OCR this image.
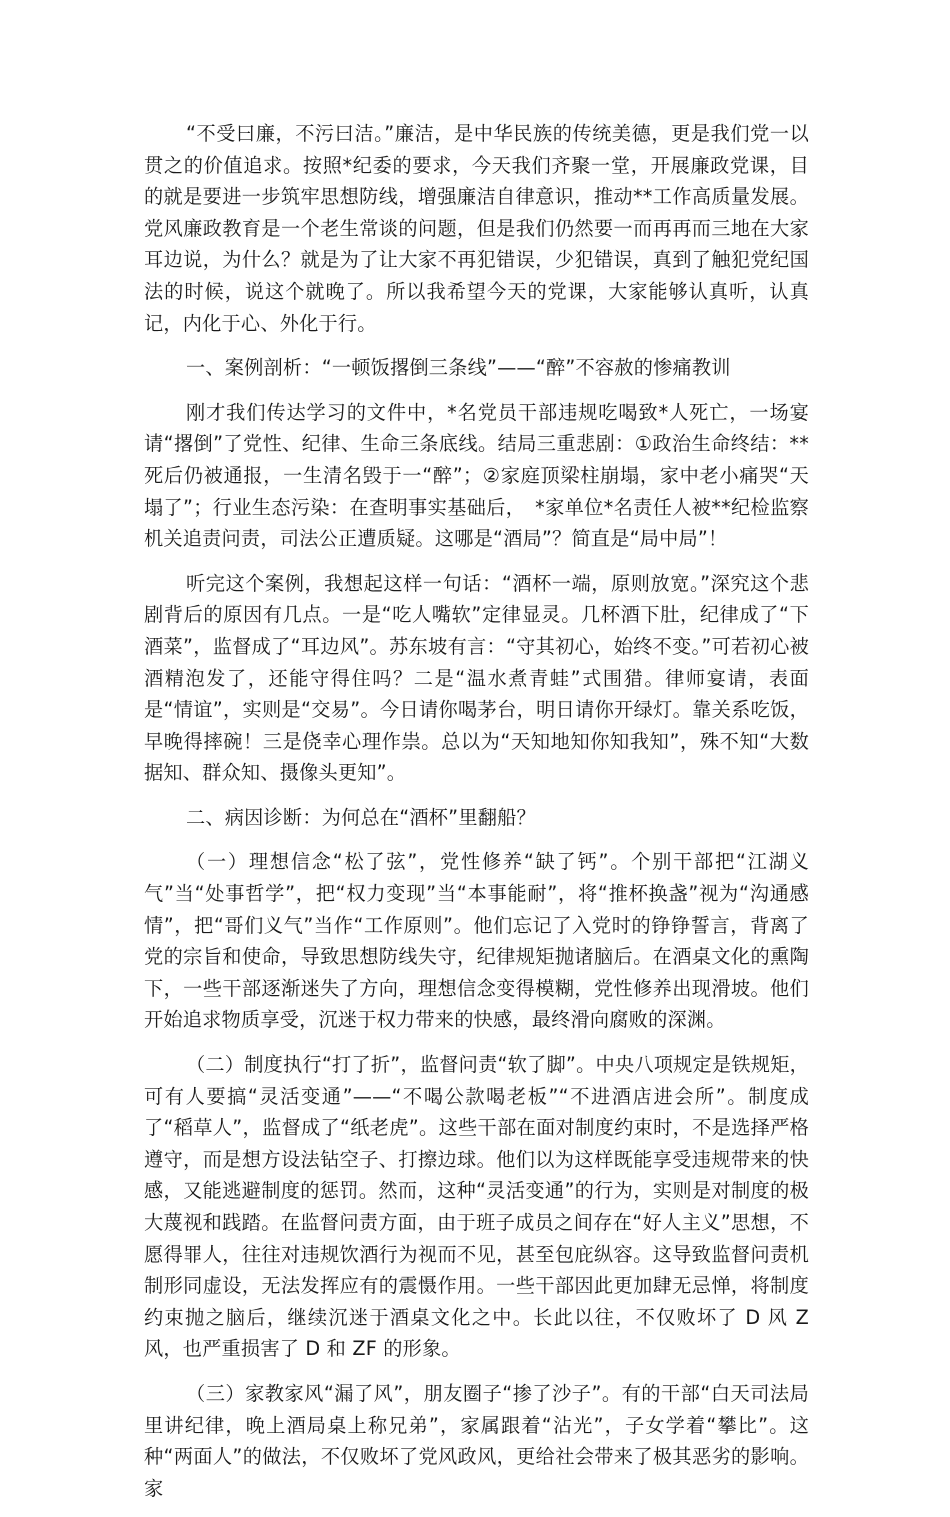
“不受曰廉，不污曰洁。”廉洁，是中华民族的传统美德，更是我们党一以贯之的价值追求。按照*纪委的要求，今天我们齐聚一堂，开展廉政党课，目的就是要进一步筑牢思想防线，增强廉洁自律意识，推动**工作高质量发展。党风廉政教育是一个老生常谈的问题，但是我们仍然要一而再再而三地在大家耳边说，为什么？就是为了让大家不再犯错误，少犯错误，真到了触犯党纪国法的时候，说这个就晚了。所以我希望今天的党课，大家能够认真听，认真记，内化于心、外化于行。

一、案例剖析：“一顿饭撂倒三条线”——“醉”不容赦的惨痛教训

刚才我们传达学习的文件中，*名党员干部违规吃喝致*人死亡，一场宴请“撂倒”了党性、纪律、生命三条底线。结局三重悲剧：①政治生命终结：**死后仍被通报，一生清名毁于一“醉”；②家庭顶梁柱崩塌，家中老小痛哭“天塌了”；行业生态污染：在查明事实基础后，　*家单位*名责任人被**纪检监察机关追责问责，司法公正遭质疑。这哪是“酒局”？简直是“局中局”！

听完这个案例，我想起这样一句话：“酒杯一端，原则放宽。”深究这个悲剧背后的原因有几点。一是“吃人嘴软”定律显灵。几杯酒下肚，纪律成了“下酒菜”，监督成了“耳边风”。苏东坡有言：“守其初心，始终不变。”可若初心被酒精泡发了，还能守得住吗？二是“温水煮青蛙”式围猎。律师宴请，表面是“情谊”，实则是“交易”。今日请你喝茅台，明日请你开绿灯。靠关系吃饭，早晚得摔碗！三是侥幸心理作祟。总以为“天知地知你知我知”，殊不知“大数据知、群众知、摄像头更知”。

二、病因诊断：为何总在“酒杯”里翻船？

（一）理想信念“松了弦”，党性修养“缺了钙”。个别干部把“江湖义气”当“处事哲学”，把“权力变现”当“本事能耐”，将“推杯换盏”视为“沟通感情”，把“哥们义气”当作“工作原则”。他们忘记了入党时的铮铮誓言，背离了党的宗旨和使命，导致思想防线失守，纪律规矩抛诸脑后。在酒桌文化的熏陶下，一些干部逐渐迷失了方向，理想信念变得模糊，党性修养出现滑坡。他们开始追求物质享受，沉迷于权力带来的快感，最终滑向腐败的深渊。

（二）制度执行“打了折”，监督问责“软了脚”。中央八项规定是铁规矩，可有人要搞“灵活变通”——“不喝公款喝老板”“不进酒店进会所”。制度成了“稻草人”，监督成了“纸老虎”。这些干部在面对制度约束时，不是选择严格遵守，而是想方设法钻空子、打擦边球。他们以为这样既能享受违规带来的快感，又能逃避制度的惩罚。然而，这种“灵活变通”的行为，实则是对制度的极大蔑视和践踏。在监督问责方面，由于班子成员之间存在“好人主义”思想，不愿得罪人，往往对违规饮酒行为视而不见，甚至包庇纵容。这导致监督问责机制形同虚设，无法发挥应有的震慑作用。一些干部因此更加肆无忌惮，将制度约束抛之脑后，继续沉迷于酒桌文化之中。长此以往，不仅败坏了 D 风 Z 风，也严重损害了 D 和 ZF 的形象。

（三）家教家风“漏了风”，朋友圈子“掺了沙子”。有的干部“白天司法局里讲纪律，晚上酒局桌上称兄弟”，家属跟着“沾光”，子女学着“攀比”。这种“两面人”的做法，不仅败坏了党风政风，更给社会带来了极其恶劣的影响。家
